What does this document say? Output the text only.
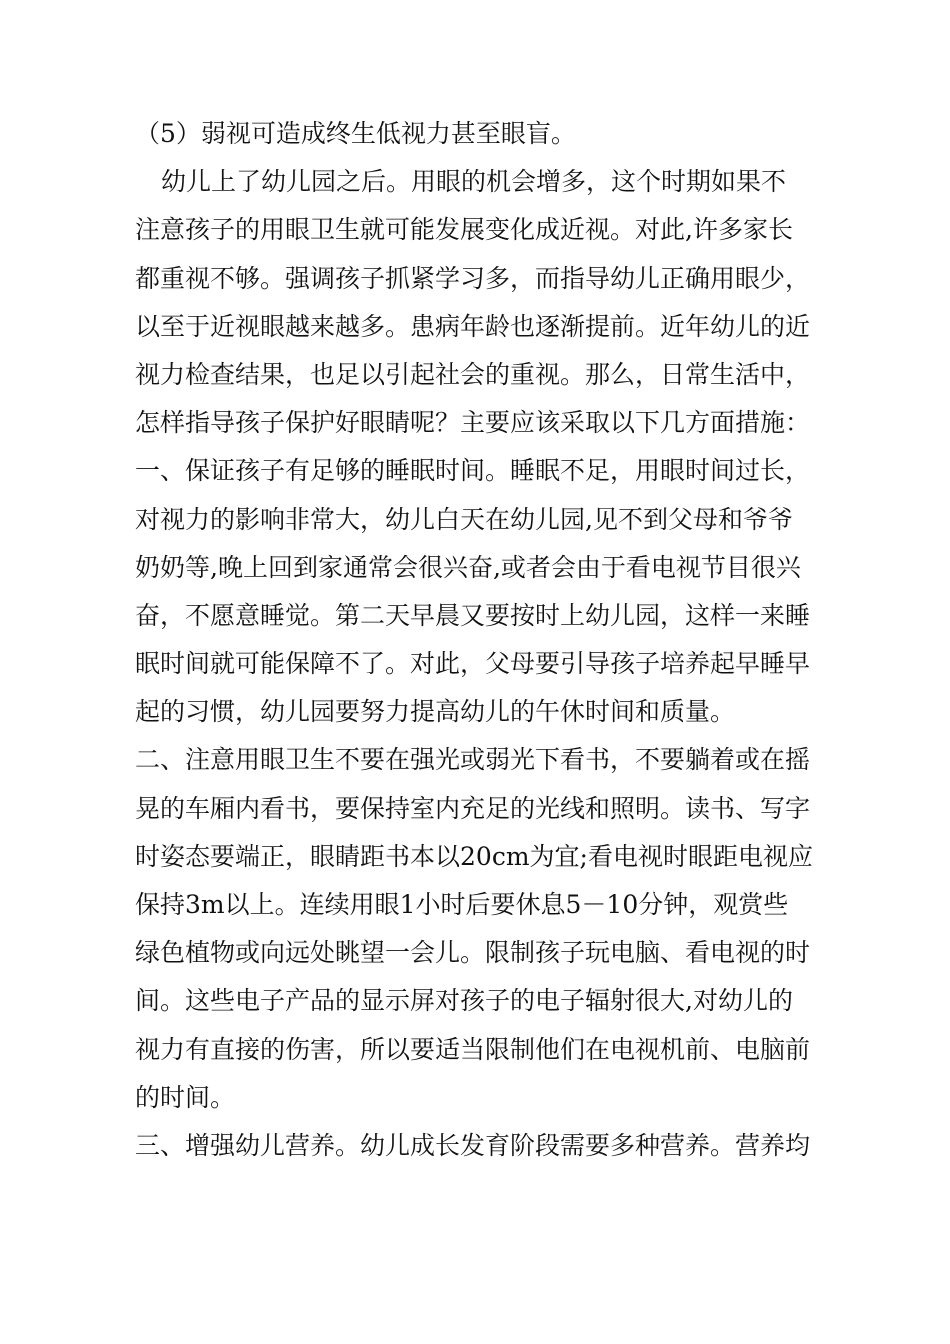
（5）弱视可造成终生低视力甚至眼盲。
幼儿上了幼儿园之后。用眼的机会增多，这个时期如果不
注意孩子的用眼卫生就可能发展变化成近视。对此,许多家长
都重视不够。强调孩子抓紧学习多，而指导幼儿正确用眼少，
以至于近视眼越来越多。患病年龄也逐渐提前。近年幼儿的近
视力检查结果，也足以引起社会的重视。那么，日常生活中，
怎样指导孩子保护好眼睛呢？主要应该采取以下几方面措施：
一、保证孩子有足够的睡眠时间。睡眠不足，用眼时间过长，
对视力的影响非常大，幼儿白天在幼儿园,见不到父母和爷爷
奶奶等,晚上回到家通常会很兴奋,或者会由于看电视节目很兴
奋，不愿意睡觉。第二天早晨又要按时上幼儿园，这样一来睡
眠时间就可能保障不了。对此，父母要引导孩子培养起早睡早
起的习惯，幼儿园要努力提高幼儿的午休时间和质量。
二、注意用眼卫生不要在强光或弱光下看书，不要躺着或在摇
晃的车厢内看书，要保持室内充足的光线和照明。读书、写字
时姿态要端正，眼睛距书本以20cm为宜;看电视时眼距电视应
保持3m以上。连续用眼1小时后要休息5－10分钟，观赏些
绿色植物或向远处眺望一会儿。限制孩子玩电脑、看电视的时
间。这些电子产品的显示屏对孩子的电子辐射很大,对幼儿的
视力有直接的伤害，所以要适当限制他们在电视机前、电脑前
的时间。
三、增强幼儿营养。幼儿成长发育阶段需要多种营养。营养均
